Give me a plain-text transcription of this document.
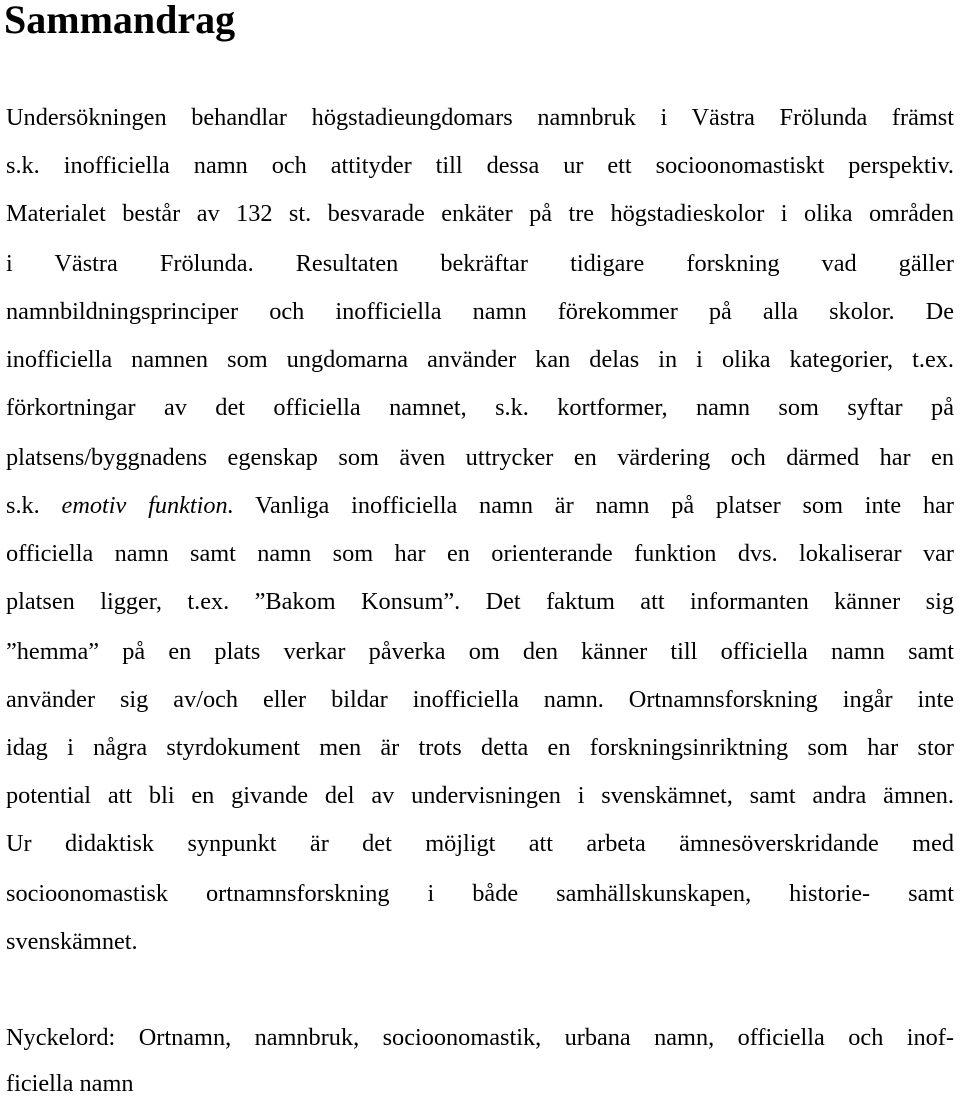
Sammandrag
Undersökningen behandlar högstadieungdomars namnbruk i Västra Frölunda främst
s.k. inofficiella namn och attityder till dessa ur ett socioonomastiskt perspektiv.
Materialet består av 132 st. besvarade enkäter på tre högstadieskolor i olika områden
i Västra Frölunda. Resultaten bekräftar tidigare forskning vad gäller
namnbildningsprinciper och inofficiella namn förekommer på alla skolor. De
inofficiella namnen som ungdomarna använder kan delas in i olika kategorier, t.ex.
förkortningar av det officiella namnet, s.k. kortformer, namn som syftar på
platsens/byggnadens egenskap som även uttrycker en värdering och därmed har en
s.k. emotiv funktion. Vanliga inofficiella namn är namn på platser som inte har
officiella namn samt namn som har en orienterande funktion dvs. lokaliserar var
platsen ligger, t.ex. ”Bakom Konsum”. Det faktum att informanten känner sig
”hemma” på en plats verkar påverka om den känner till officiella namn samt
använder sig av/och eller bildar inofficiella namn. Ortnamnsforskning ingår inte
idag i några styrdokument men är trots detta en forskningsinriktning som har stor
potential att bli en givande del av undervisningen i svenskämnet, samt andra ämnen.
Ur didaktisk synpunkt är det möjligt att arbeta ämnesöverskridande med
socioonomastisk ortnamnsforskning i både samhällskunskapen, historie- samt
svenskämnet.
Nyckelord: Ortnamn, namnbruk, socioonomastik, urbana namn, officiella och inof-
ficiella namn
